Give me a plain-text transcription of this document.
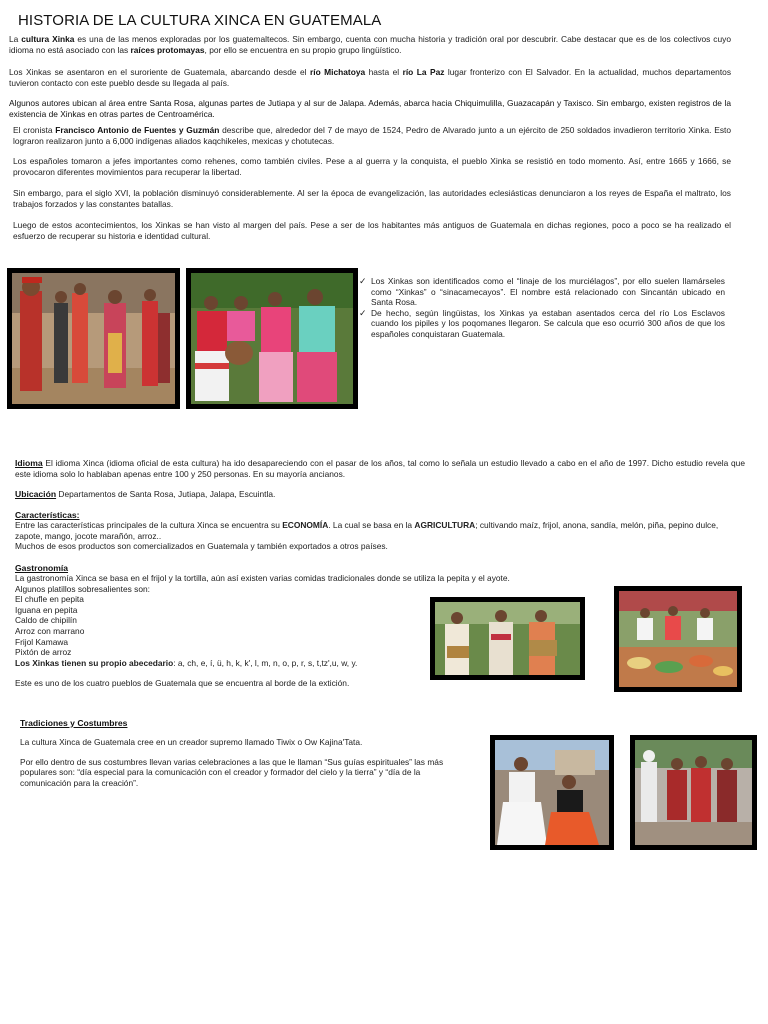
HISTORIA DE LA CULTURA XINCA EN GUATEMALA
La cultura Xinka es una de las menos exploradas por los guatemaltecos. Sin embargo, cuenta con mucha historia y tradición oral por descubrir. Cabe destacar que es de los colectivos cuyo idioma no está asociado con las raíces protomayas, por ello se encuentra en su propio grupo lingüístico.
Los Xinkas se asentaron en el suroriente de Guatemala, abarcando desde el río Michatoya hasta el río La Paz lugar fronterizo con El Salvador. En la actualidad, muchos departamentos tuvieron contacto con este pueblo desde su llegada al país.
Algunos autores ubican al área entre Santa Rosa, algunas partes de Jutiapa y al sur de Jalapa. Además, abarca hacia Chiquimulilla, Guazacapán y Taxisco. Sin embargo, existen registros de la existencia de Xinkas en otras partes de Centroamérica.
El cronista Francisco Antonio de Fuentes y Guzmán describe que, alrededor del 7 de mayo de 1524, Pedro de Alvarado junto a un ejército de 250 soldados invadieron territorio Xinka. Esto lograron realizaron junto a 6,000 indígenas aliados kaqchikeles, mexicas y chotutecas.
Los españoles tomaron a jefes importantes como rehenes, como también civiles. Pese a al guerra y la conquista, el pueblo Xinka se resistió en todo momento. Así, entre 1665 y 1666, se provocaron diferentes movimientos para recuperar la libertad.
Sin embargo, para el siglo XVI, la población disminuyó considerablemente. Al ser la época de evangelización, las autoridades eclesiásticas denunciaron a los reyes de España el maltrato, los trabajos forzados y las constantes batallas.
Luego de estos acontecimientos, los Xinkas se han visto al margen del país. Pese a ser de los habitantes más antiguos de Guatemala en dichas regiones, poco a poco se ha realizado el esfuerzo de recuperar su historia e identidad cultural.
✓ Los Xinkas son identificados como el “linaje de los murciélagos”, por ello suelen llamárseles como “Xinkas” o “sinacamecayos”. El nombre está relacionado con Sincantán ubicado en Santa Rosa.
✓ De hecho, según lingüistas, los Xinkas ya estaban asentados cerca del río Los Esclavos cuando los pipiles y los poqomanes llegaron. Se calcula que eso ocurrió 300 años de que los españoles conquistaran Guatemala.
Idioma El idioma Xinca (idioma oficial de esta cultura) ha ido desapareciendo con el pasar de los años, tal como lo señala un estudio llevado a cabo en el año de 1997. Dicho estudio revela que este idioma solo lo hablaban apenas entre 100 y 250 personas. En su mayoría ancianos.
Ubicación Departamentos de Santa Rosa, Jutiapa, Jalapa, Escuintla.
Características:
Entre las características principales de la cultura Xinca se encuentra su ECONOMÍA. La cual se basa en la AGRICULTURA; cultivando maíz, frijol, anona, sandía, melón, piña, pepino dulce, zapote, mango, jocote marañón, arroz..
Muchos de esos productos son comercializados en Guatemala y también exportados a otros países.
Gastronomía
La gastronomía Xinca se basa en el frijol y la tortilla, aún así existen varias comidas tradicionales donde se utiliza la pepita y el ayote.
Algunos platillos sobresalientes son:
El chufle en pepita
Iguana en pepita
Caldo de chipilín
Arroz con marrano
Frijol Kamawa
Pixtón de arroz
Los Xinkas tienen su propio abecedario: a, ch, e, í, ü, h, k, k', l, m, n, o, p, r, s, t,tz',u, w, y.
Este es uno de los cuatro pueblos de Guatemala que se encuentra al borde de la extición.
Tradiciones y Costumbres
La cultura Xinca de Guatemala cree en un creador supremo llamado Tiwix o Ow Kajina'Tata.
Por ello dentro de sus costumbres llevan varias celebraciones a las que le llaman “Sus guías espirituales” las más populares son: “día especial para la comunicación con el creador y formador del cielo y la tierra” y “día de la comunicación para la creación”.
